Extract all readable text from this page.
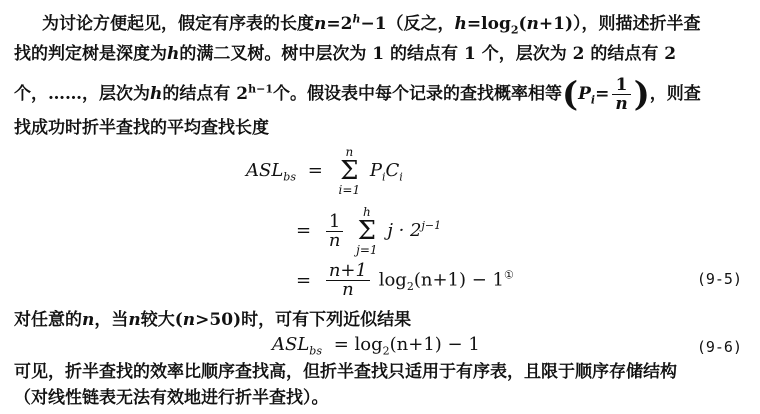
为讨论方便起见，假定有序表的长度$n=2^h-1$（反之，$h=\log_2(n+1)$），则描述折半查
找的判定树是深度为h的满二叉树。树中层次为 1 的结点有 1 个，层次为 2 的结点有 2
个，……，层次为h的结点有 $2^{h-1}$个。假设表中每个记录的查找概率相等($P_i= \frac{1}{n}$ )，则查
找成功时折半查找的平均查找长度
$ASL_{bs} = n$
Σ
i=1 $P_iC_i$
= $\frac{1}{n}$
h
Σ
j=1 $j \cdot 2^{j-1}$
= $\frac{n+1}{n} \log_2(n+1) - 1^①$	(9-5)
对任意的n，当n较大(n>50)时，可有下列近似结果
$ASL_{bs} = \log_2(n+1) - 1$	(9-6)
可见，折半查找的效率比顺序查找高，但折半查找只适用于有序表，且限于顺序存储结构
（对线性链表无法有效地进行折半查找）。
